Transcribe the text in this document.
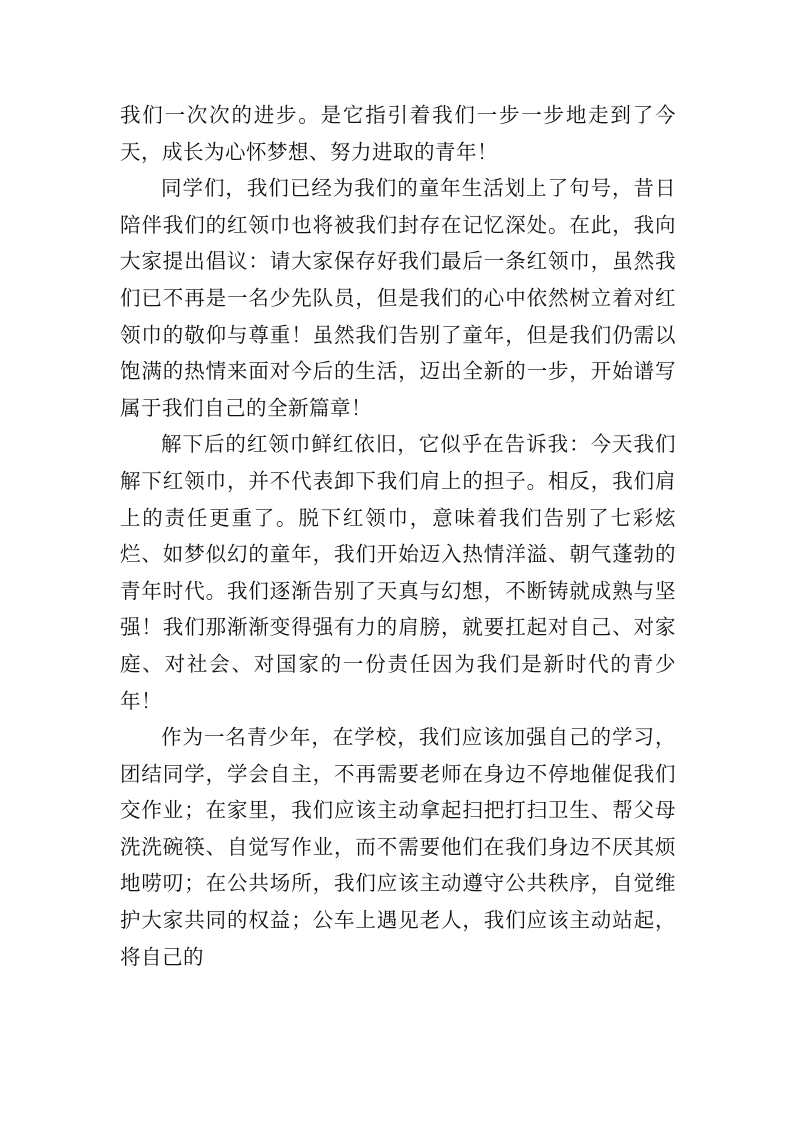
我们一次次的进步。是它指引着我们一步一步地走到了今天，成长为心怀梦想、努力进取的青年！

同学们，我们已经为我们的童年生活划上了句号，昔日陪伴我们的红领巾也将被我们封存在记忆深处。在此，我向大家提出倡议：请大家保存好我们最后一条红领巾，虽然我们已不再是一名少先队员，但是我们的心中依然树立着对红领巾的敬仰与尊重！虽然我们告别了童年，但是我们仍需以饱满的热情来面对今后的生活，迈出全新的一步，开始谱写属于我们自己的全新篇章！

解下后的红领巾鲜红依旧，它似乎在告诉我：今天我们解下红领巾，并不代表卸下我们肩上的担子。相反，我们肩上的责任更重了。脱下红领巾，意味着我们告别了七彩炫烂、如梦似幻的童年，我们开始迈入热情洋溢、朝气蓬勃的青年时代。我们逐渐告别了天真与幻想，不断铸就成熟与坚强！我们那渐渐变得强有力的肩膀，就要扛起对自己、对家庭、对社会、对国家的一份责任因为我们是新时代的青少年！

作为一名青少年，在学校，我们应该加强自己的学习，团结同学，学会自主，不再需要老师在身边不停地催促我们交作业；在家里，我们应该主动拿起扫把打扫卫生、帮父母洗洗碗筷、自觉写作业，而不需要他们在我们身边不厌其烦地唠叨；在公共场所，我们应该主动遵守公共秩序，自觉维护大家共同的权益；公车上遇见老人，我们应该主动站起，将自己的
